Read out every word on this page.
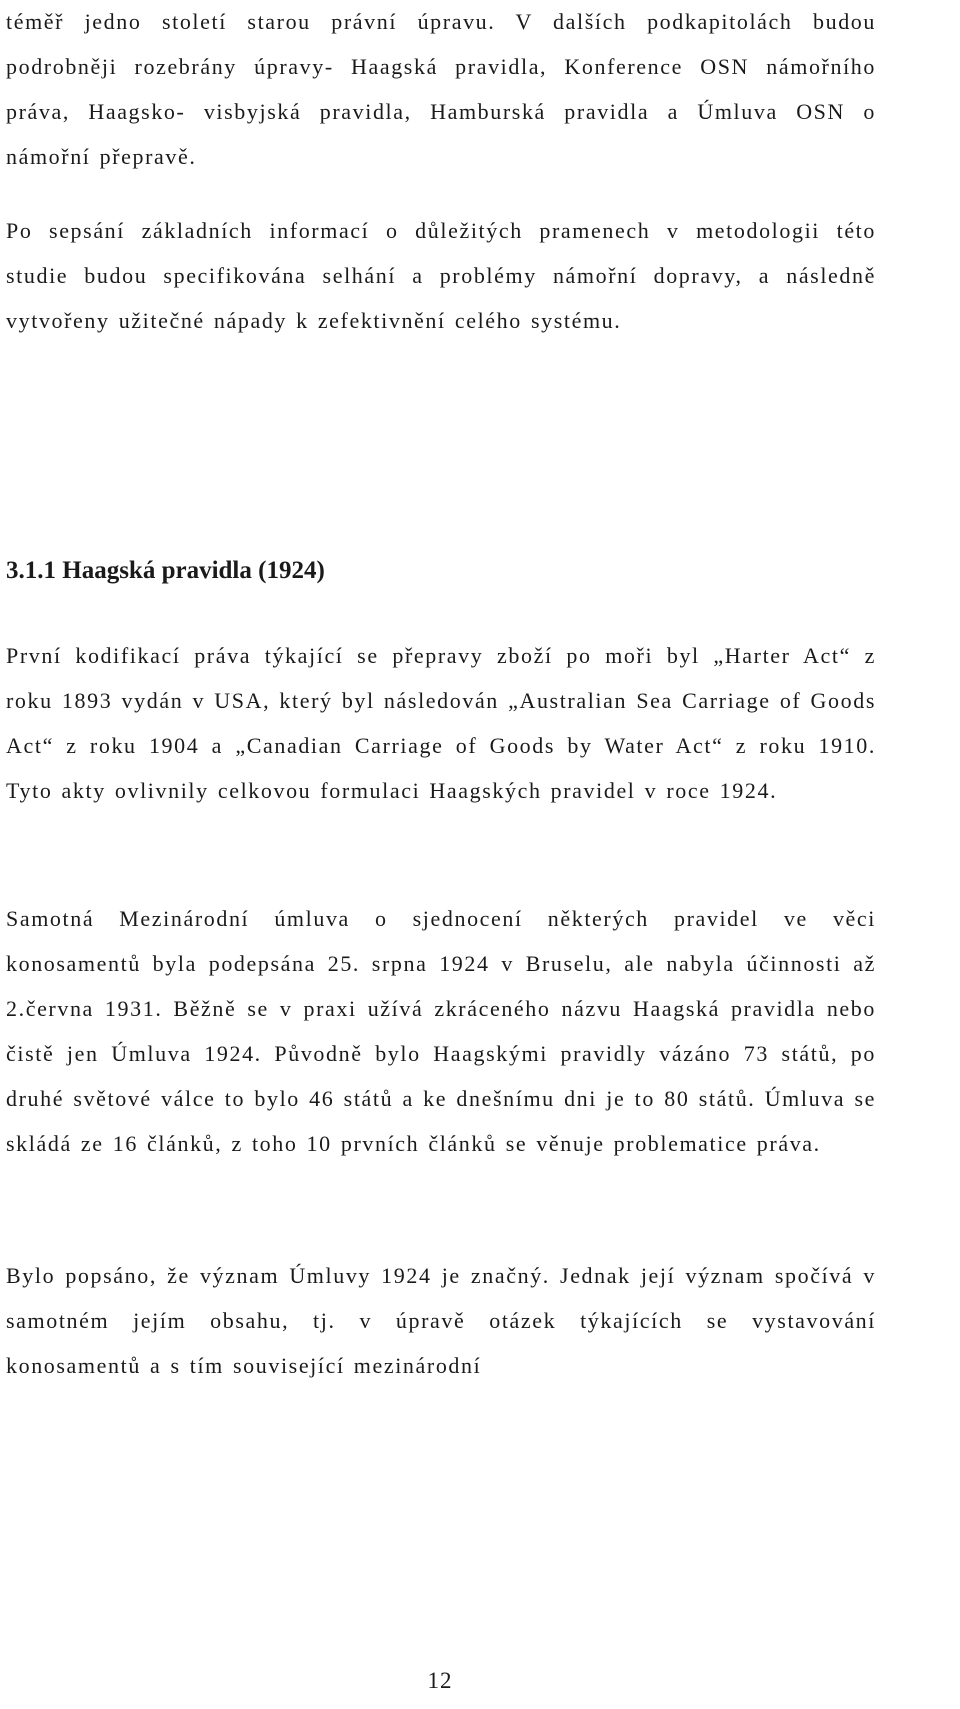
téměř jedno století starou právní úpravu. V dalších podkapitolách budou podrobněji rozebrány úpravy- Haagská pravidla, Konference OSN námořního práva, Haagsko- visbyjská pravidla, Hamburská pravidla a Úmluva OSN o námořní přepravě.

Po sepsání základních informací o důležitých pramenech v metodologii této studie budou specifikována selhání a problémy námořní dopravy, a následně vytvořeny užitečné nápady k zefektivnění celého systému.

3.1.1 Haagská pravidla (1924)

První kodifikací práva týkající se přepravy zboží po moři byl „Harter Act“ z roku 1893 vydán v USA, který byl následován „Australian Sea Carriage of Goods Act“ z roku 1904 a „Canadian Carriage of Goods by Water Act“ z roku 1910. Tyto akty ovlivnily celkovou formulaci Haagských pravidel v roce 1924.

Samotná Mezinárodní úmluva o sjednocení některých pravidel ve věci konosamentů byla podepsána 25. srpna 1924 v Bruselu, ale nabyla účinnosti až 2.června 1931. Běžně se v praxi užívá zkráceného názvu Haagská pravidla nebo čistě jen Úmluva 1924. Původně bylo Haagskými pravidly vázáno 73 států, po druhé světové válce to bylo 46 států a ke dnešnímu dni je to 80 států. Úmluva se skládá ze 16 článků, z toho 10 prvních článků se věnuje problematice práva.

Bylo popsáno, že význam Úmluvy 1924 je značný. Jednak její význam spočívá v samotném jejím obsahu, tj. v úpravě otázek týkajících se vystavování konosamentů a s tím související mezinárodní

12
